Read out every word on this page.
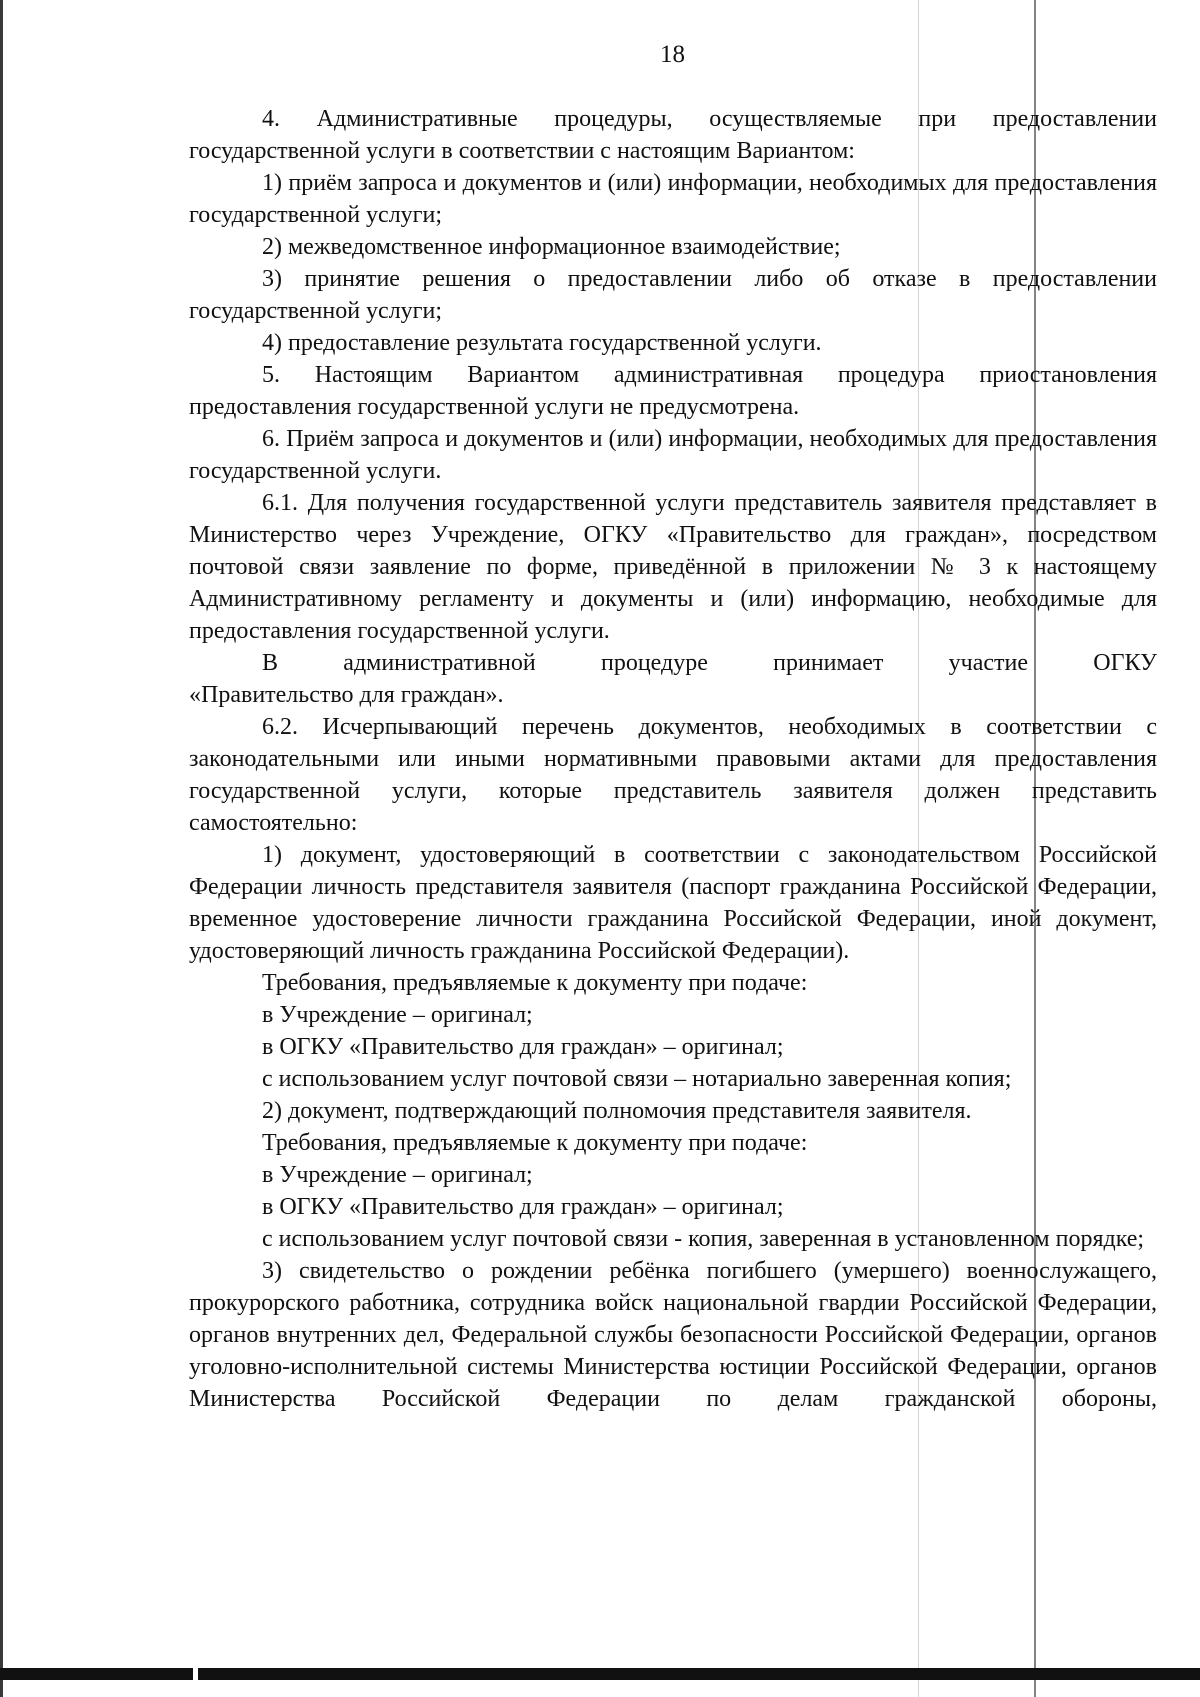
18

4. Административные процедуры, осуществляемые при предоставлении государственной услуги в соответствии с настоящим Вариантом:

1) приём запроса и документов и (или) информации, необходимых для предоставления государственной услуги;

2) межведомственное информационное взаимодействие;

3) принятие решения о предоставлении либо об отказе в предоставлении государственной услуги;

4) предоставление результата государственной услуги.

5. Настоящим Вариантом административная процедура приостановления предоставления государственной услуги не предусмотрена.

6. Приём запроса и документов и (или) информации, необходимых для предоставления государственной услуги.

6.1. Для получения государственной услуги представитель заявителя представляет в Министерство через Учреждение, ОГКУ «Правительство для граждан», посредством почтовой связи заявление по форме, приведённой в приложении № 3 к настоящему Административному регламенту и документы и (или) информацию, необходимые для предоставления государственной услуги.

В административной процедуре принимает участие ОГКУ

«Правительство для граждан».

6.2. Исчерпывающий перечень документов, необходимых в соответствии с законодательными или иными нормативными правовыми актами для предоставления государственной услуги, которые представитель заявителя должен представить самостоятельно:

1) документ, удостоверяющий в соответствии с законодательством Российской Федерации личность представителя заявителя (паспорт гражданина Российской Федерации, временное удостоверение личности гражданина Российской Федерации, иной документ, удостоверяющий личность гражданина Российской Федерации).

Требования, предъявляемые к документу при подаче:

в Учреждение – оригинал;

в ОГКУ «Правительство для граждан» – оригинал;

с использованием услуг почтовой связи – нотариально заверенная копия;

2) документ, подтверждающий полномочия представителя заявителя.

Требования, предъявляемые к документу при подаче:

в Учреждение – оригинал;

в ОГКУ «Правительство для граждан» – оригинал;

с использованием услуг почтовой связи - копия, заверенная в установленном порядке;

3) свидетельство о рождении ребёнка погибшего (умершего) военнослужащего, прокурорского работника, сотрудника войск национальной гвардии Российской Федерации, органов внутренних дел, Федеральной службы безопасности Российской Федерации, органов уголовно-исполнительной системы Министерства юстиции Российской Федерации, органов Министерства Российской Федерации по делам гражданской обороны,
